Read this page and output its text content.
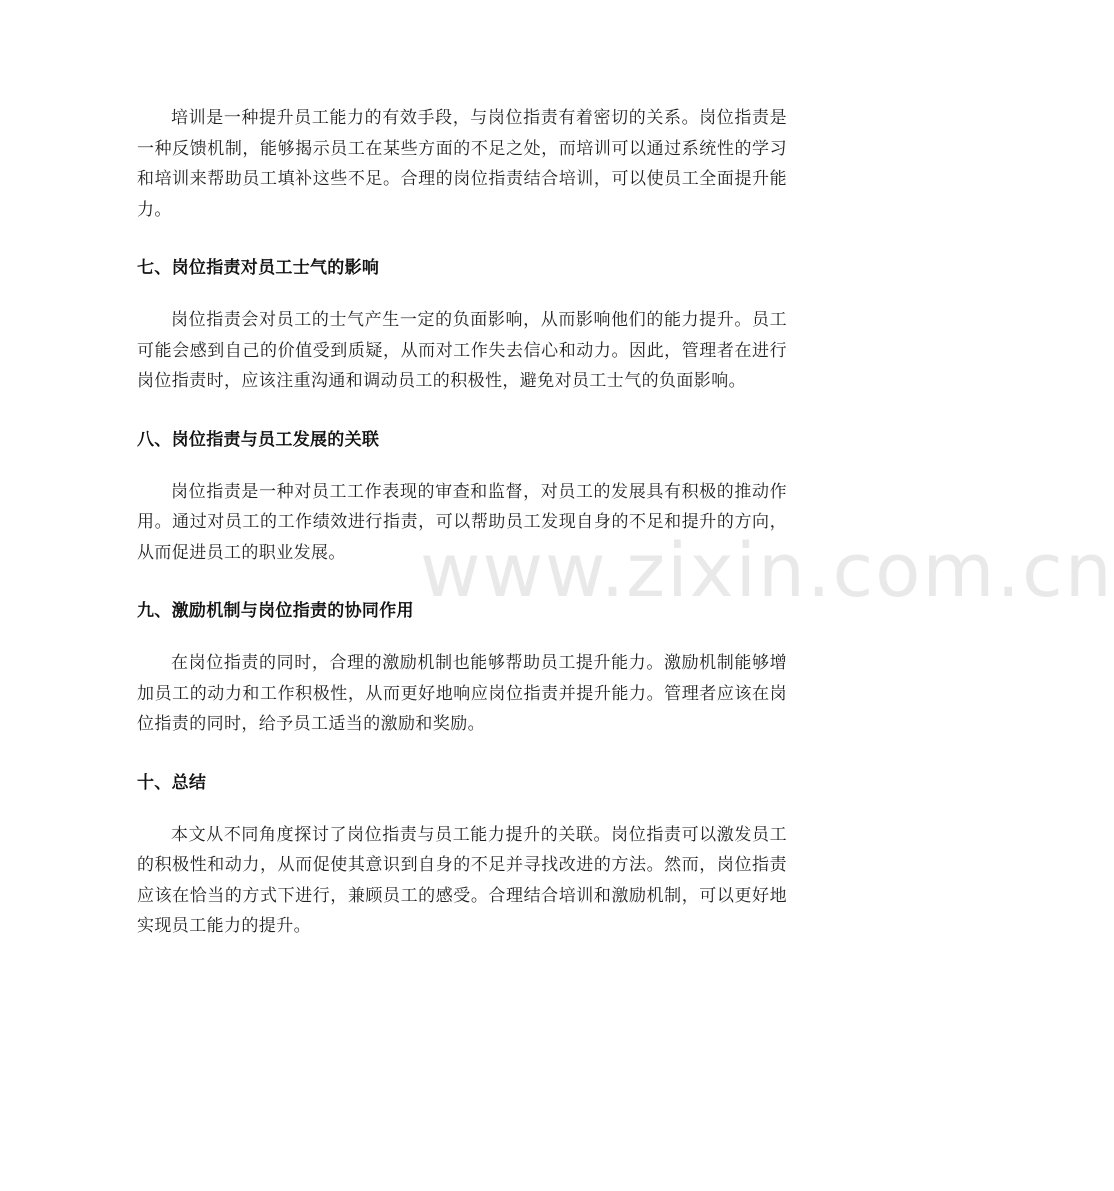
www.zixin.com.cn

培训是一种提升员工能力的有效手段，与岗位指责有着密切的关系。岗位指责是一种反馈机制，能够揭示员工在某些方面的不足之处，而培训可以通过系统性的学习和培训来帮助员工填补这些不足。合理的岗位指责结合培训，可以使员工全面提升能力。

七、岗位指责对员工士气的影响

岗位指责会对员工的士气产生一定的负面影响，从而影响他们的能力提升。员工可能会感到自己的价值受到质疑，从而对工作失去信心和动力。因此，管理者在进行岗位指责时，应该注重沟通和调动员工的积极性，避免对员工士气的负面影响。

八、岗位指责与员工发展的关联

岗位指责是一种对员工工作表现的审查和监督，对员工的发展具有积极的推动作用。通过对员工的工作绩效进行指责，可以帮助员工发现自身的不足和提升的方向，从而促进员工的职业发展。

九、激励机制与岗位指责的协同作用

在岗位指责的同时，合理的激励机制也能够帮助员工提升能力。激励机制能够增加员工的动力和工作积极性，从而更好地响应岗位指责并提升能力。管理者应该在岗位指责的同时，给予员工适当的激励和奖励。

十、总结

本文从不同角度探讨了岗位指责与员工能力提升的关联。岗位指责可以激发员工的积极性和动力，从而促使其意识到自身的不足并寻找改进的方法。然而，岗位指责应该在恰当的方式下进行，兼顾员工的感受。合理结合培训和激励机制，可以更好地实现员工能力的提升。
